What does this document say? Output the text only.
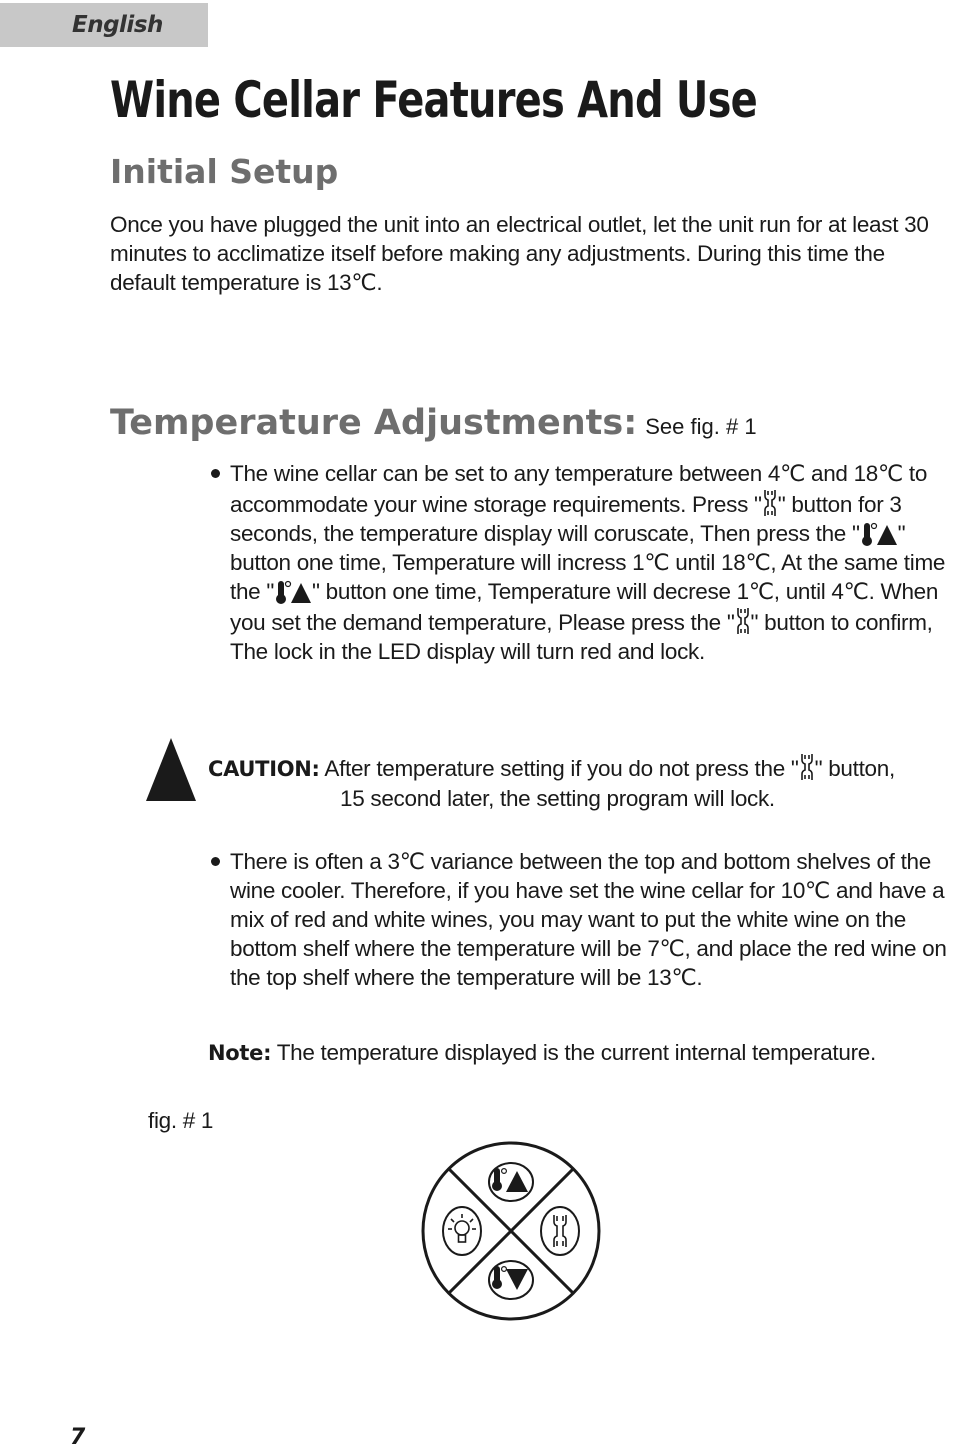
English
Wine Cellar Features And Use
Initial Setup

Once you have plugged the unit into an electrical outlet, let the unit run for at least 30 minutes to acclimatize itself before making any adjustments. During this time the default temperature is 13℃.

Temperature Adjustments: See fig. # 1

The wine cellar can be set to any temperature between 4℃ and 18℃ to accommodate your wine storage requirements. Press " " button for 3 seconds, the temperature display will coruscate, Then press the " " button one time, Temperature will incress 1℃ until 18℃, At the same time the " " button one time, Temperature will decrese 1℃, until 4℃. When you set the demand temperature, Please press the " " button to confirm, The lock in the LED display will turn red and lock.

CAUTION: After temperature setting if you do not press the " " button,
15 second later, the setting program will lock.

There is often a 3℃ variance between the top and bottom shelves of the wine cooler. Therefore, if you have set the wine cellar for 10℃ and have a mix of red and white wines, you may want to put the white wine on the bottom shelf where the temperature will be 7℃, and place the red wine on the top shelf where the temperature will be 13℃.

Note: The temperature displayed is the current internal temperature.

fig. # 1

7
